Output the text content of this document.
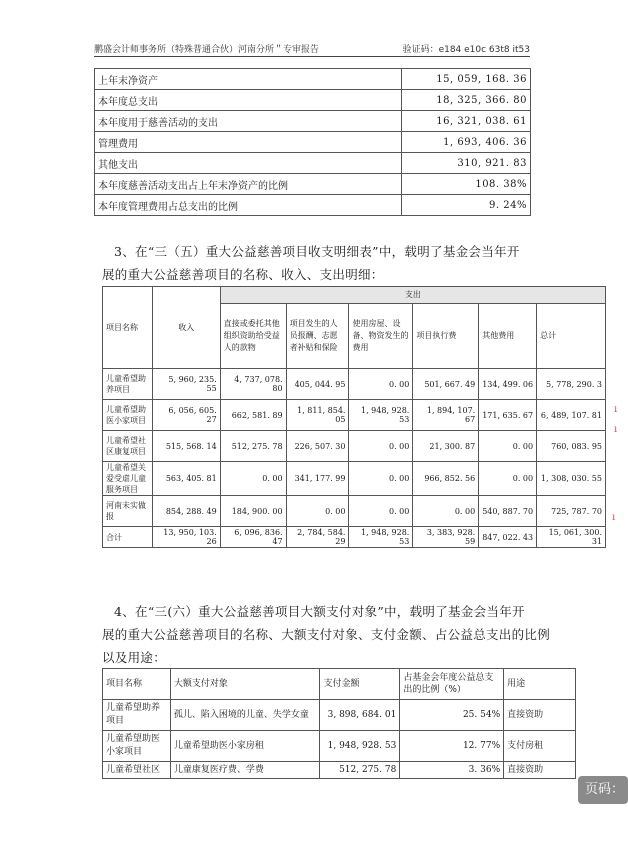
鹏盛会计师事务所（特殊普通合伙）河南分所＂专审报告	验证码：e184 e10c 63t8 it53
上年末净资产	15, 059, 168. 36
本年度总支出	18, 325, 366. 80
本年度用于慈善活动的支出	16, 321, 038. 61
管理费用	1, 693, 406. 36
其他支出	310, 921. 83
本年度慈善活动支出占上年末净资产的比例	108. 38%
本年度管理费用占总支出的比例	9. 24%
3、在“三（五）重大公益慈善项目收支明细表”中，载明了基金会当年开
展的重大公益慈善项目的名称、收入、支出明细：
项目名称	收入	支出					
		直接或委托其他组织资助给受益人的款物	项目发生的人员报酬、志愿者补贴和保险	使用房屋、设备、物资发生的费用	项目执行费	其他费用	总计
儿童希望助养项目	5, 960, 235. 55	4, 737, 078. 80	405, 044. 95	0. 00	501, 667. 49	134, 499. 06	5, 778, 290. 3
儿童希望助医小家项目	6, 056, 605. 27	662, 581. 89	1, 811, 854. 05	1, 948, 928. 53	1, 894, 107. 67	171, 635. 67	6, 489, 107. 81
儿童希望社区康复项目	515, 568. 14	512, 275. 78	226, 507. 30	0. 00	21, 300. 87	0. 00	760, 083. 95
儿童希望关爱受虐儿童服务项目	563, 405. 81	0. 00	341, 177. 99	0. 00	966, 852. 56	0. 00	1, 308, 030. 55
河南未实做报	854, 288. 49	184, 900. 00	0. 00	0. 00	0. 00	540, 887. 70	725, 787. 70
合计	13, 950, 103. 26	6, 096, 836. 47	2, 784, 584. 29	1, 948, 928. 53	3, 383, 928. 59	847, 022. 43	15, 061, 300. 31
ı
ı
ı
4、在“三(六）重大公益慈善项目大额支付对象”中，载明了基金会当年开
展的重大公益慈善项目的名称、大额支付对象、支付金额、占公益总支出的比例
以及用途：
项目名称	大额支付对象	支付金额	占基金会年度公益总支出的比例（%）	用途
儿童希望助养项目	孤儿、陷入困境的儿童、失学女童	3, 898, 684. 01	25. 54%	直接资助
儿童希望助医小家项目	儿童希望助医小家房租	1, 948, 928. 53	12. 77%	支付房租
儿童希望社区	儿童康复医疗费、学费	512, 275. 78	3. 36%	直接资助
页码：
